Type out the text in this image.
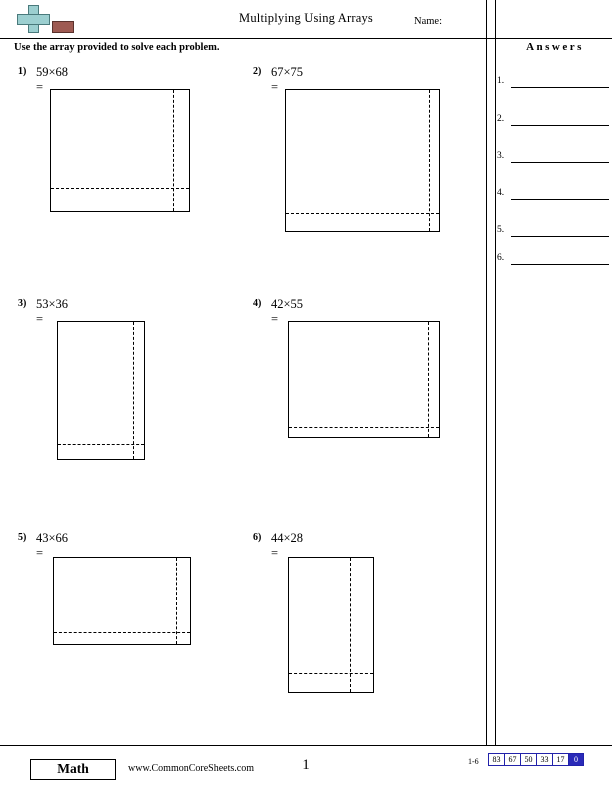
Multiplying Using Arrays	Name:
Use the array provided to solve each problem.
1) 59×68 =
2) 67×75 =
3) 53×36 =
4) 42×55 =
5) 43×66 =
6) 44×28 =
Answers
1.
2.
3.
4.
5.
6.
Math	www.CommonCoreSheets.com	1	1-6	83	67	50	33	17	0
